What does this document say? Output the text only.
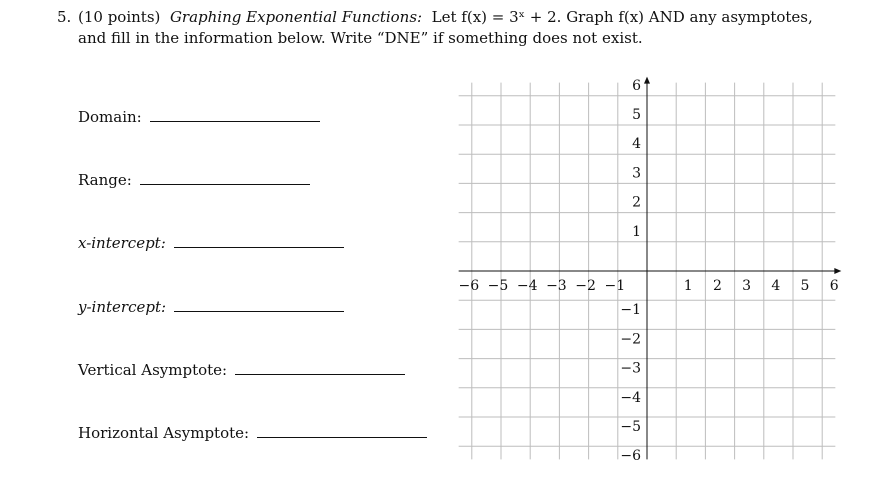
5. (10 points) Graphing Exponential Functions: Let f(x) = 3ˣ + 2. Graph f(x) AND any asymptotes,
and fill in the information below. Write “DNE” if something does not exist.
Domain:
Range:
x-intercept:
y-intercept:
Vertical Asymptote:
Horizontal Asymptote:
−6 −5 −4 −3 −2 −1	1 2 3 4 5 6
6
5
4
3
2
1
−1
−2
−3
−4
−5
−6
